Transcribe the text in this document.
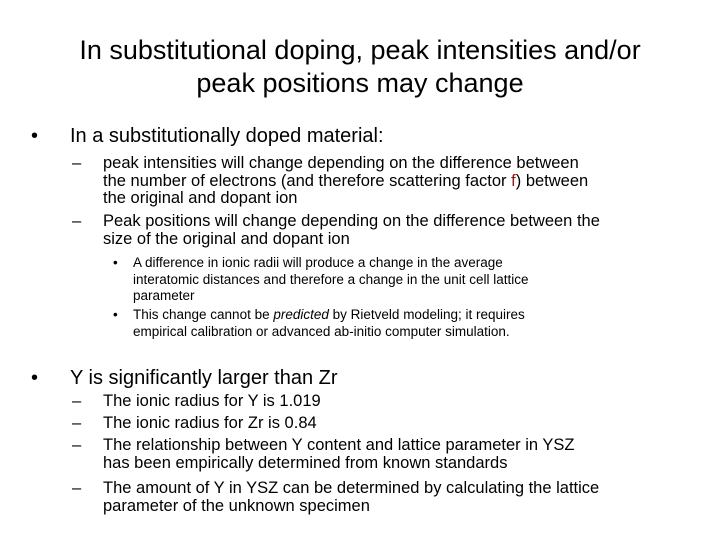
In substitutional doping, peak intensities and/or
peak positions may change
• In a substitutionally doped material:
– peak intensities will change depending on the difference between
the number of electrons (and therefore scattering factor f) between
the original and dopant ion
– Peak positions will change depending on the difference between the
size of the original and dopant ion
• A difference in ionic radii will produce a change in the average
interatomic distances and therefore a change in the unit cell lattice
parameter
• This change cannot be predicted by Rietveld modeling; it requires
empirical calibration or advanced ab-initio computer simulation.
• Y is significantly larger than Zr
– The ionic radius for Y is 1.019
– The ionic radius for Zr is 0.84
– The relationship between Y content and lattice parameter in YSZ
has been empirically determined from known standards
– The amount of Y in YSZ can be determined by calculating the lattice
parameter of the unknown specimen
